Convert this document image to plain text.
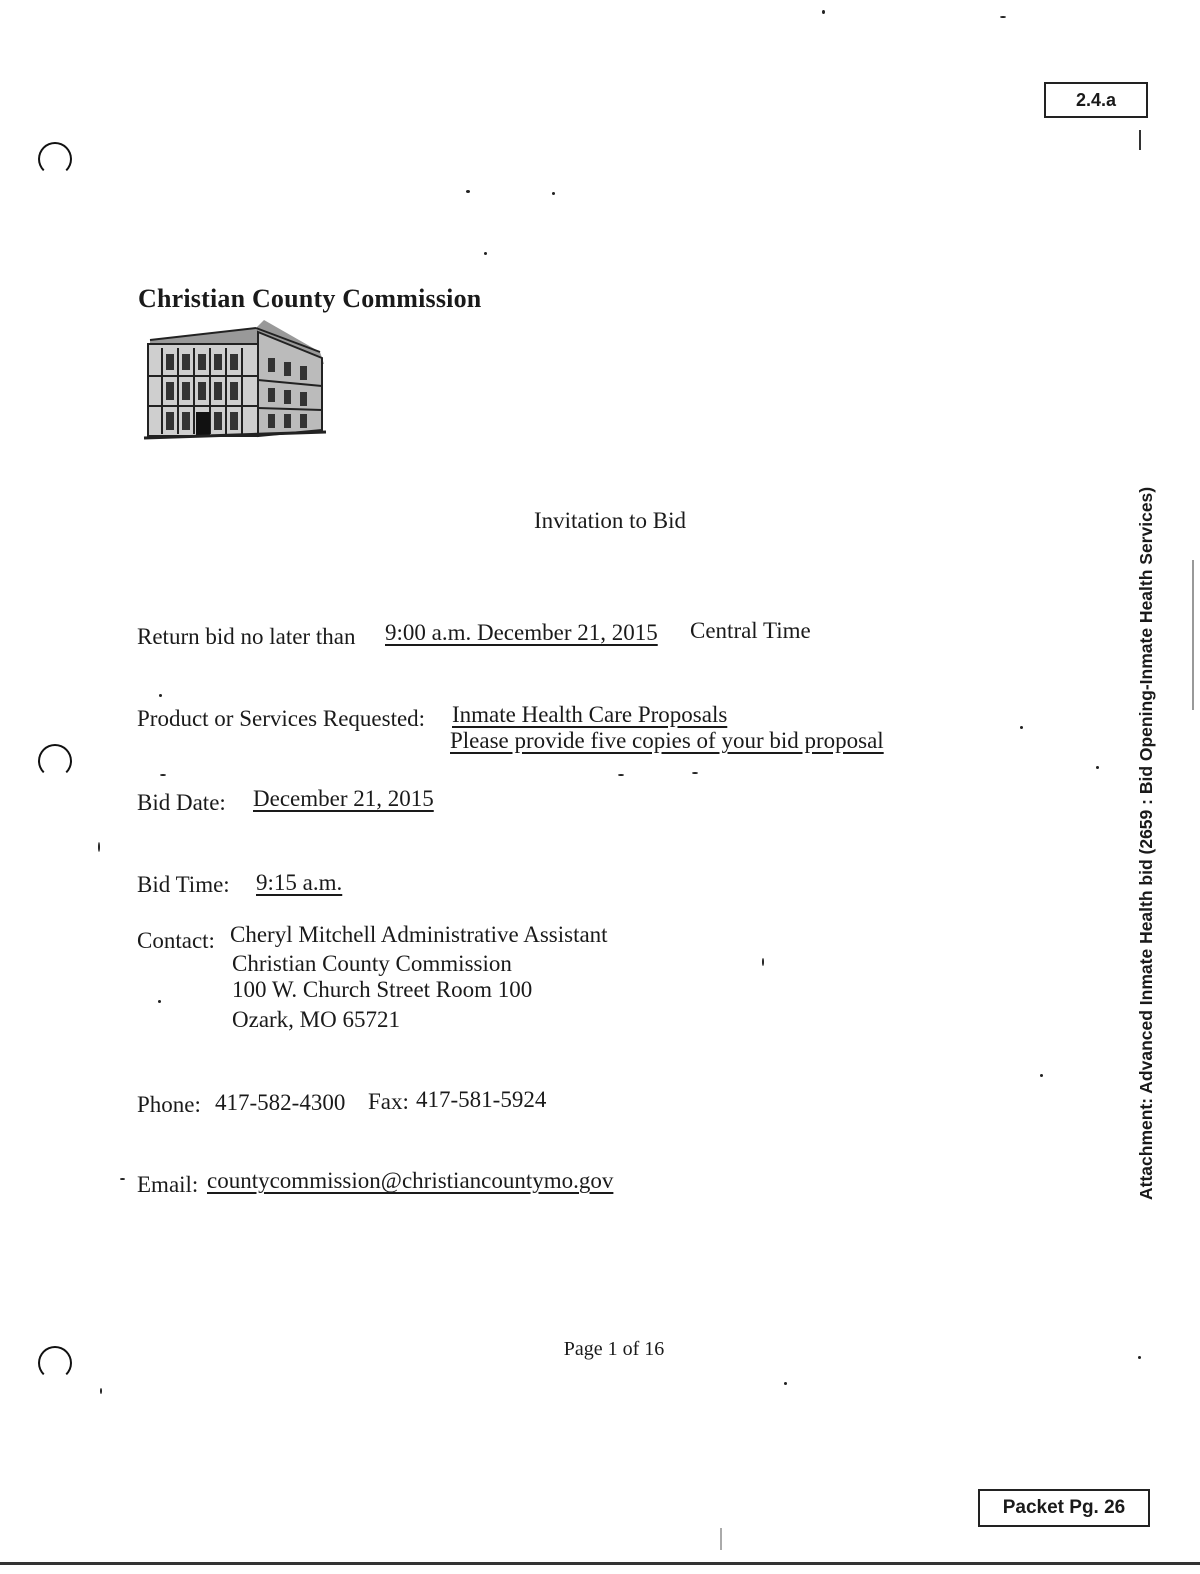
2.4.a
Christian County Commission
Invitation to Bid
Return bid no later than 9:00 a.m. December 21, 2015 Central Time
Product or Services Requested: Inmate Health Care Proposals
Please provide five copies of your bid proposal
Bid Date: December 21, 2015
Bid Time: 9:15 a.m.
Contact: Cheryl Mitchell Administrative Assistant
Christian County Commission
100 W. Church Street Room 100
Ozark, MO 65721
Phone: 417-582-4300 Fax: 417-581-5924
Email: countycommission@christiancountymo.gov	Attachment: Advanced Inmate Health bid (2659 : Bid Opening-Inmate Health Services)
Page 1 of 16
Packet Pg. 26
